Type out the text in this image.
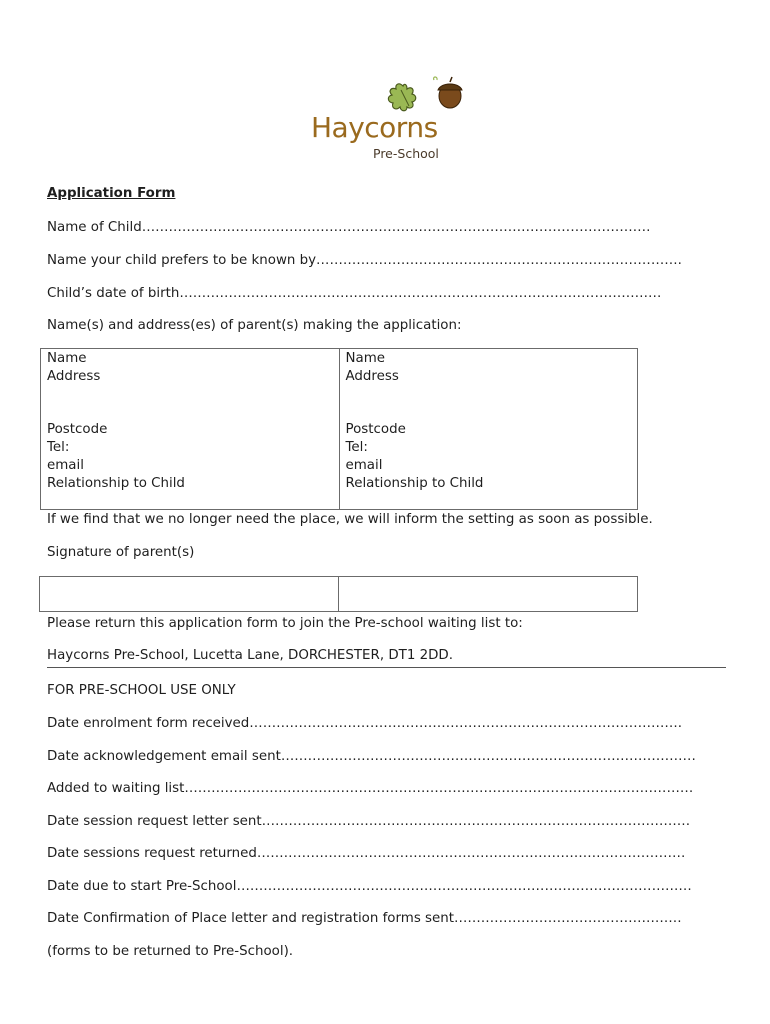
Haycorns
Pre-School
Application Form
Name of Child……………………………………………………………………………………………………
Name your child prefers to be known by……………………………………………………………………….
Child’s date of birth………………………………………………………………………………………………
Name(s) and address(es) of parent(s) making the application:
Name
Address
Postcode
Tel:
email
Relationship to Child

Name
Address
Postcode
Tel:
email
Relationship to Child
If we find that we no longer need the place, we will inform the setting as soon as possible.
Signature of parent(s)

Please return this application form to join the Pre-school waiting list to:
Haycorns Pre-School, Lucetta Lane, DORCHESTER, DT1 2DD.
FOR PRE-SCHOOL USE ONLY
Date enrolment form received…………………………………………………………………………………….
Date acknowledgement email sent…………………………………………………………………………………
Added to waiting list……………………………………………………………………………………………………
Date session request letter sent……………………………………………………………………………………
Date sessions request returned……………………………………………………………………………………
Date due to start Pre-School…………………………………………………………………………………………
Date Confirmation of Place letter and registration forms sent……………………………………………
(forms to be returned to Pre-School).
